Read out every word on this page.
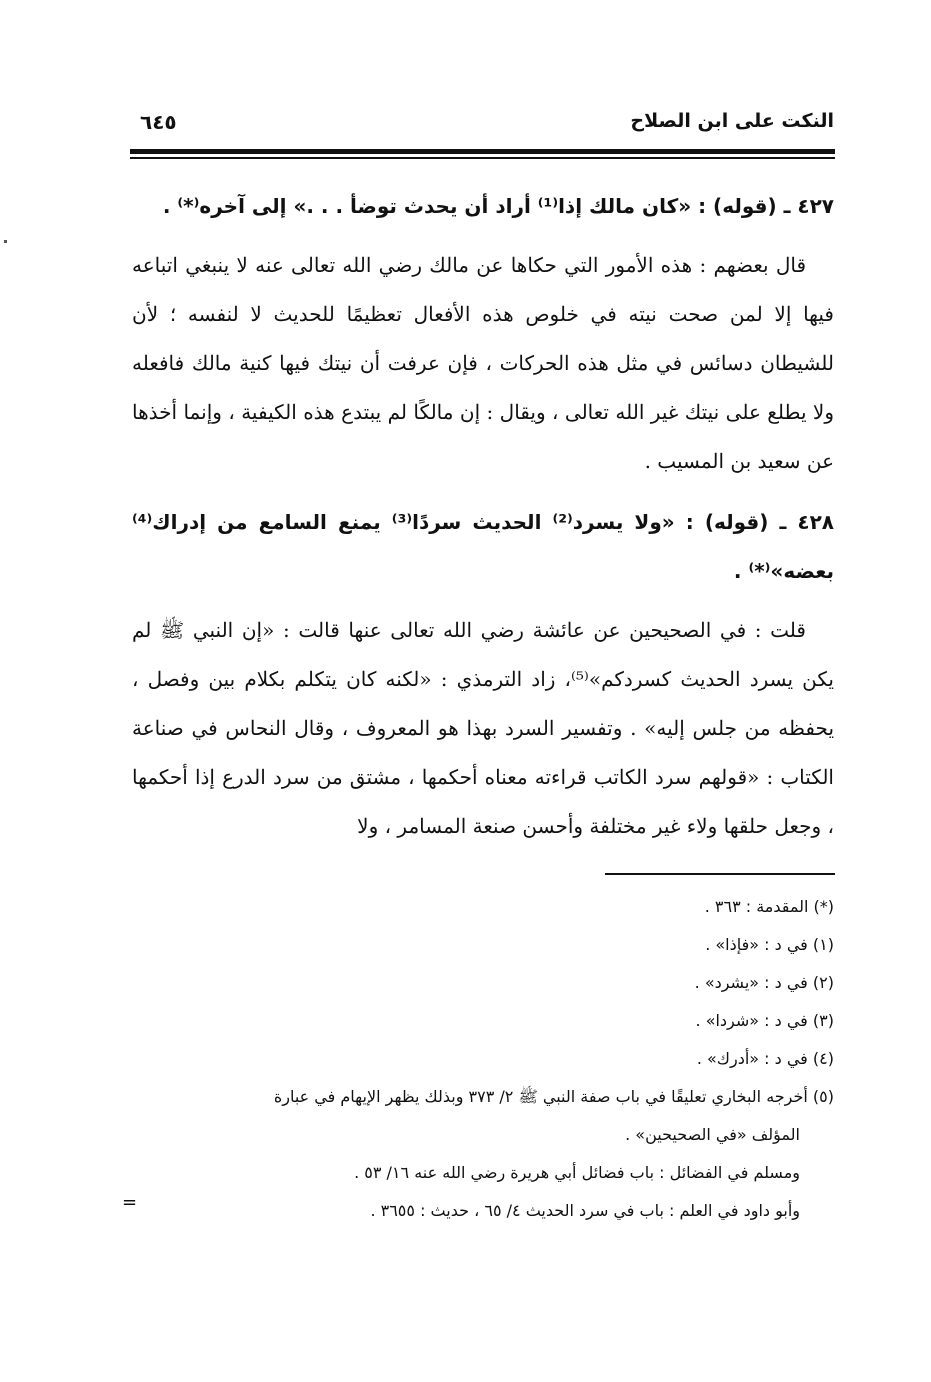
النكت على ابن الصلاح
٦٤٥

٤٢٧ ـ (قوله) : «كان مالك إذا⁽¹⁾ أراد أن يحدث توضأ . . .» إلى آخره⁽*⁾ .

قال بعضهم : هذه الأمور التي حكاها عن مالك رضي الله تعالى عنه لا ينبغي اتباعه فيها إلا لمن صحت نيته في خلوص هذه الأفعال تعظيمًا للحديث لا لنفسه ؛ لأن للشيطان دسائس في مثل هذه الحركات ، فإن عرفت أن نيتك فيها كنية مالك فافعله ولا يطلع على نيتك غير الله تعالى ، ويقال : إن مالكًا لم يبتدع هذه الكيفية ، وإنما أخذها عن سعيد بن المسيب .

٤٢٨ ـ (قوله) : «ولا يسرد⁽²⁾ الحديث سردًا⁽³⁾ يمنع السامع من إدراك⁽⁴⁾ بعضه»⁽*⁾ .

قلت : في الصحيحين عن عائشة رضي الله تعالى عنها قالت : «إن النبي ﷺ لم يكن يسرد الحديث كسردكم»⁽⁵⁾، زاد الترمذي : «لكنه كان يتكلم بكلام بين وفصل ، يحفظه من جلس إليه» . وتفسير السرد بهذا هو المعروف ، وقال النحاس في صناعة الكتاب : «قولهم سرد الكاتب قراءته معناه أحكمها ، مشتق من سرد الدرع إذا أحكمها ، وجعل حلقها ولاء غير مختلفة وأحسن صنعة المسامر ، ولا

(*) المقدمة : ٣٦٣ .

(١) في د : «فإذا» .

(٢) في د : «يشرد» .

(٣) في د : «شردا» .

(٤) في د : «أدرك» .

(٥) أخرجه البخاري تعليقًا في باب صفة النبي ﷺ ٢/ ٣٧٣ وبذلك يظهر الإيهام في عبارة

المؤلف «في الصحيحين» .

ومسلم في الفضائل : باب فضائل أبي هريرة رضي الله عنه ١٦/ ٥٣ .

وأبو داود في العلم : باب في سرد الحديث ٤/ ٦٥ ، حديث : ٣٦٥٥ .

=
